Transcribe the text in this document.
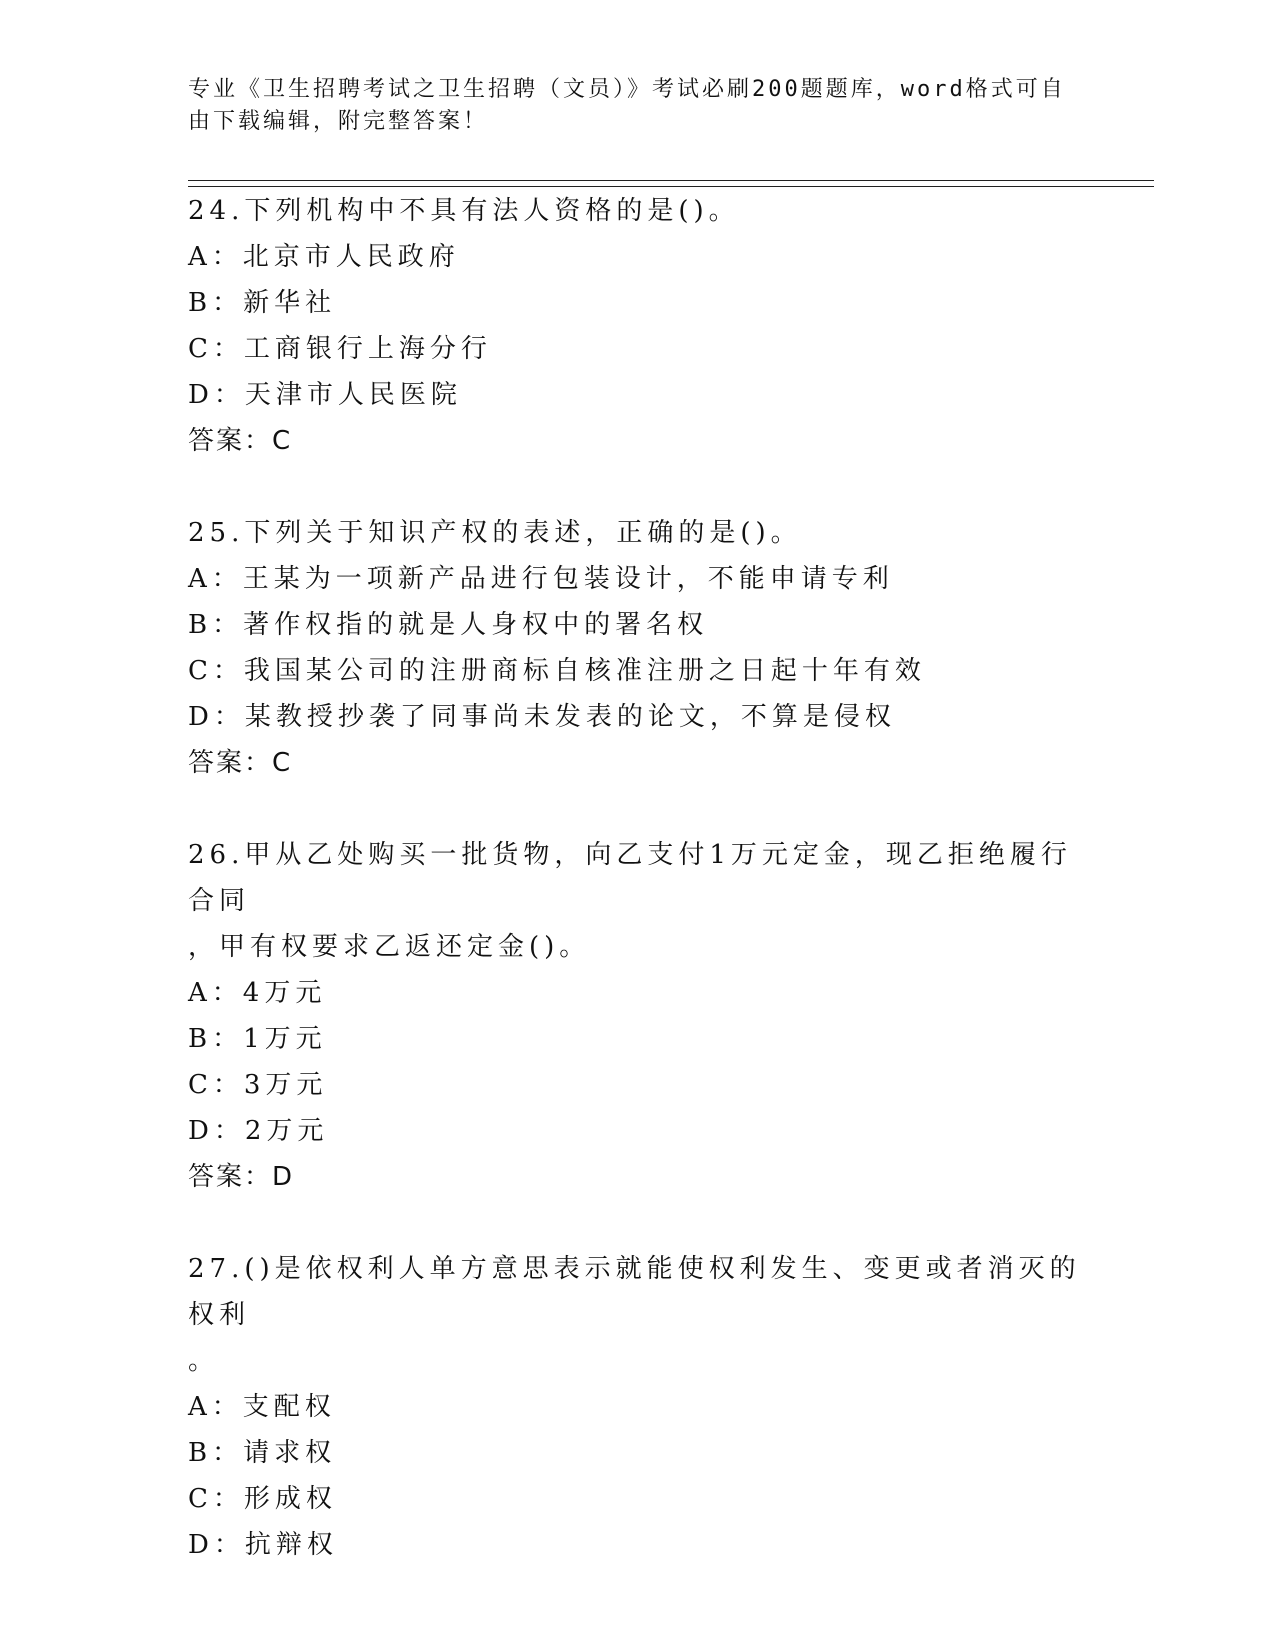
专业《卫生招聘考试之卫生招聘（文员）》考试必刷200题题库，word格式可自
由下载编辑，附完整答案！
24.下列机构中不具有法人资格的是()。
A：北京市人民政府
B：新华社
C：工商银行上海分行
D：天津市人民医院
答案：C
25.下列关于知识产权的表述，正确的是()。
A：王某为一项新产品进行包装设计，不能申请专利
B：著作权指的就是人身权中的署名权
C：我国某公司的注册商标自核准注册之日起十年有效
D：某教授抄袭了同事尚未发表的论文，不算是侵权
答案：C
26.甲从乙处购买一批货物，向乙支付1万元定金，现乙拒绝履行合同
，甲有权要求乙返还定金()。
A：4万元
B：1万元
C：3万元
D：2万元
答案：D
27.()是依权利人单方意思表示就能使权利发生、变更或者消灭的权利
。
A：支配权
B：请求权
C：形成权
D：抗辩权
